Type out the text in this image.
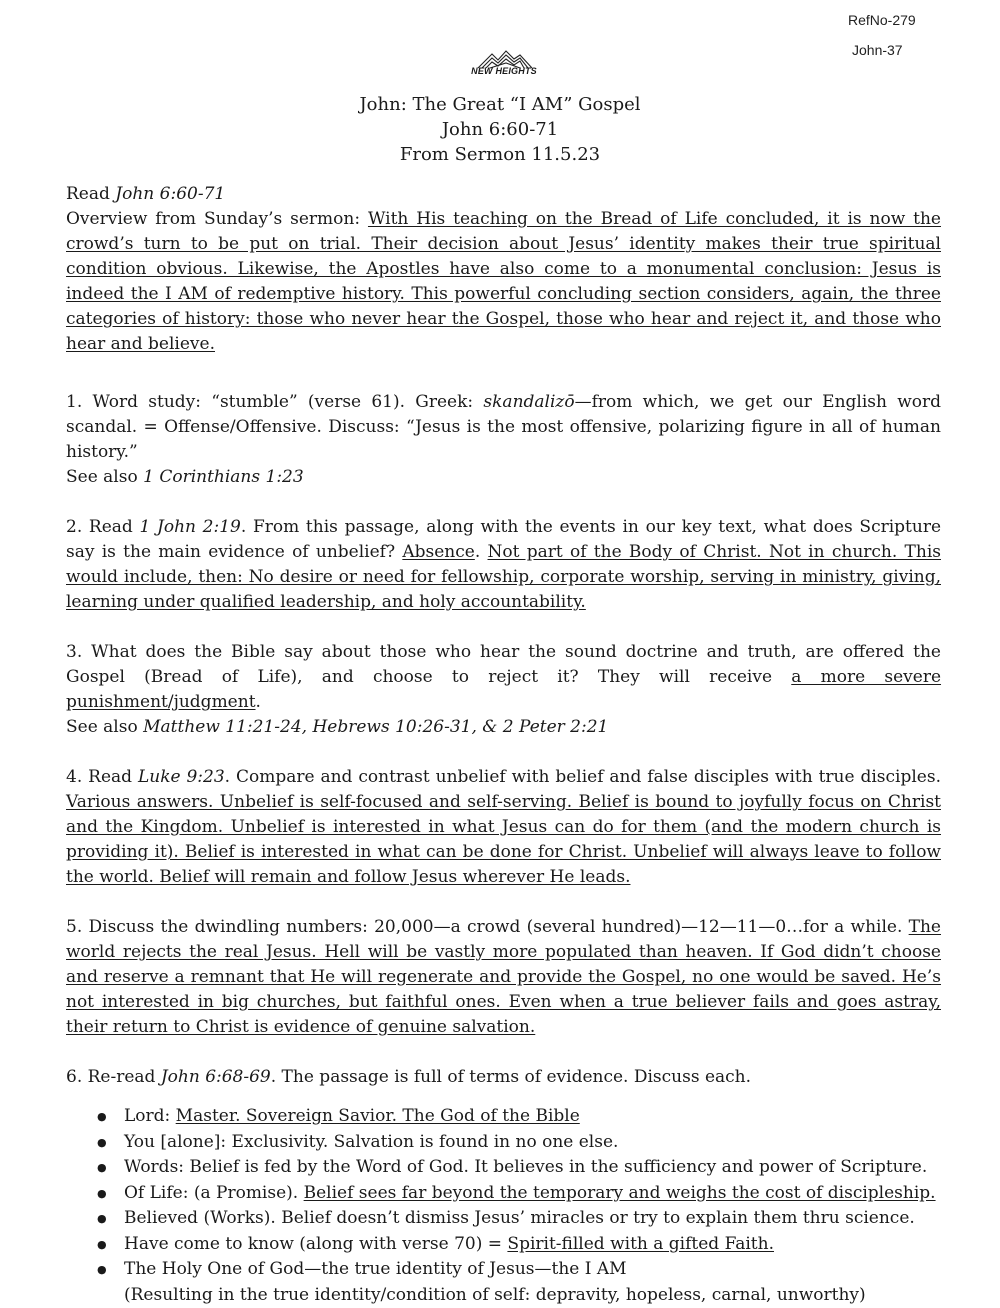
RefNo-279
John-37
NEW HEIGHTS
John: The Great “I AM” Gospel
John 6:60-71
From Sermon 11.5.23

Read John 6:60-71

Overview from Sunday’s sermon: With His teaching on the Bread of Life concluded, it is now the crowd’s turn to be put on trial. Their decision about Jesus’ identity makes their true spiritual condition obvious. Likewise, the Apostles have also come to a monumental conclusion: Jesus is indeed the I AM of redemptive history. This powerful concluding section considers, again, the three categories of history: those who never hear the Gospel, those who hear and reject it, and those who hear and believe.

1. Word study: “stumble” (verse 61). Greek: skandalizō—from which, we get our English word scandal. = Offense/Offensive. Discuss: “Jesus is the most offensive, polarizing figure in all of human history.”

See also 1 Corinthians 1:23

2. Read 1 John 2:19. From this passage, along with the events in our key text, what does Scripture say is the main evidence of unbelief? Absence. Not part of the Body of Christ. Not in church. This would include, then: No desire or need for fellowship, corporate worship, serving in ministry, giving, learning under qualified leadership, and holy accountability.

3. What does the Bible say about those who hear the sound doctrine and truth, are offered the Gospel (Bread of Life), and choose to reject it? They will receive a more severe punishment/judgment.

See also Matthew 11:21-24, Hebrews 10:26-31, & 2 Peter 2:21

4. Read Luke 9:23. Compare and contrast unbelief with belief and false disciples with true disciples. Various answers. Unbelief is self-focused and self-serving. Belief is bound to joyfully focus on Christ and the Kingdom. Unbelief is interested in what Jesus can do for them (and the modern church is providing it). Belief is interested in what can be done for Christ. Unbelief will always leave to follow the world. Belief will remain and follow Jesus wherever He leads.

5. Discuss the dwindling numbers: 20,000—a crowd (several hundred)—12—11—0…for a while. The world rejects the real Jesus. Hell will be vastly more populated than heaven. If God didn’t choose and reserve a remnant that He will regenerate and provide the Gospel, no one would be saved. He’s not interested in big churches, but faithful ones. Even when a true believer fails and goes astray, their return to Christ is evidence of genuine salvation.

6. Re-read John 6:68-69. The passage is full of terms of evidence. Discuss each.

● Lord: Master. Sovereign Savior. The God of the Bible
● You [alone]: Exclusivity. Salvation is found in no one else.
● Words: Belief is fed by the Word of God. It believes in the sufficiency and power of Scripture.
● Of Life: (a Promise). Belief sees far beyond the temporary and weighs the cost of discipleship.
● Believed (Works). Belief doesn’t dismiss Jesus’ miracles or try to explain them thru science.
● Have come to know (along with verse 70) = Spirit-filled with a gifted Faith.
● The Holy One of God—the true identity of Jesus—the I AM
(Resulting in the true identity/condition of self: depravity, hopeless, carnal, unworthy)
